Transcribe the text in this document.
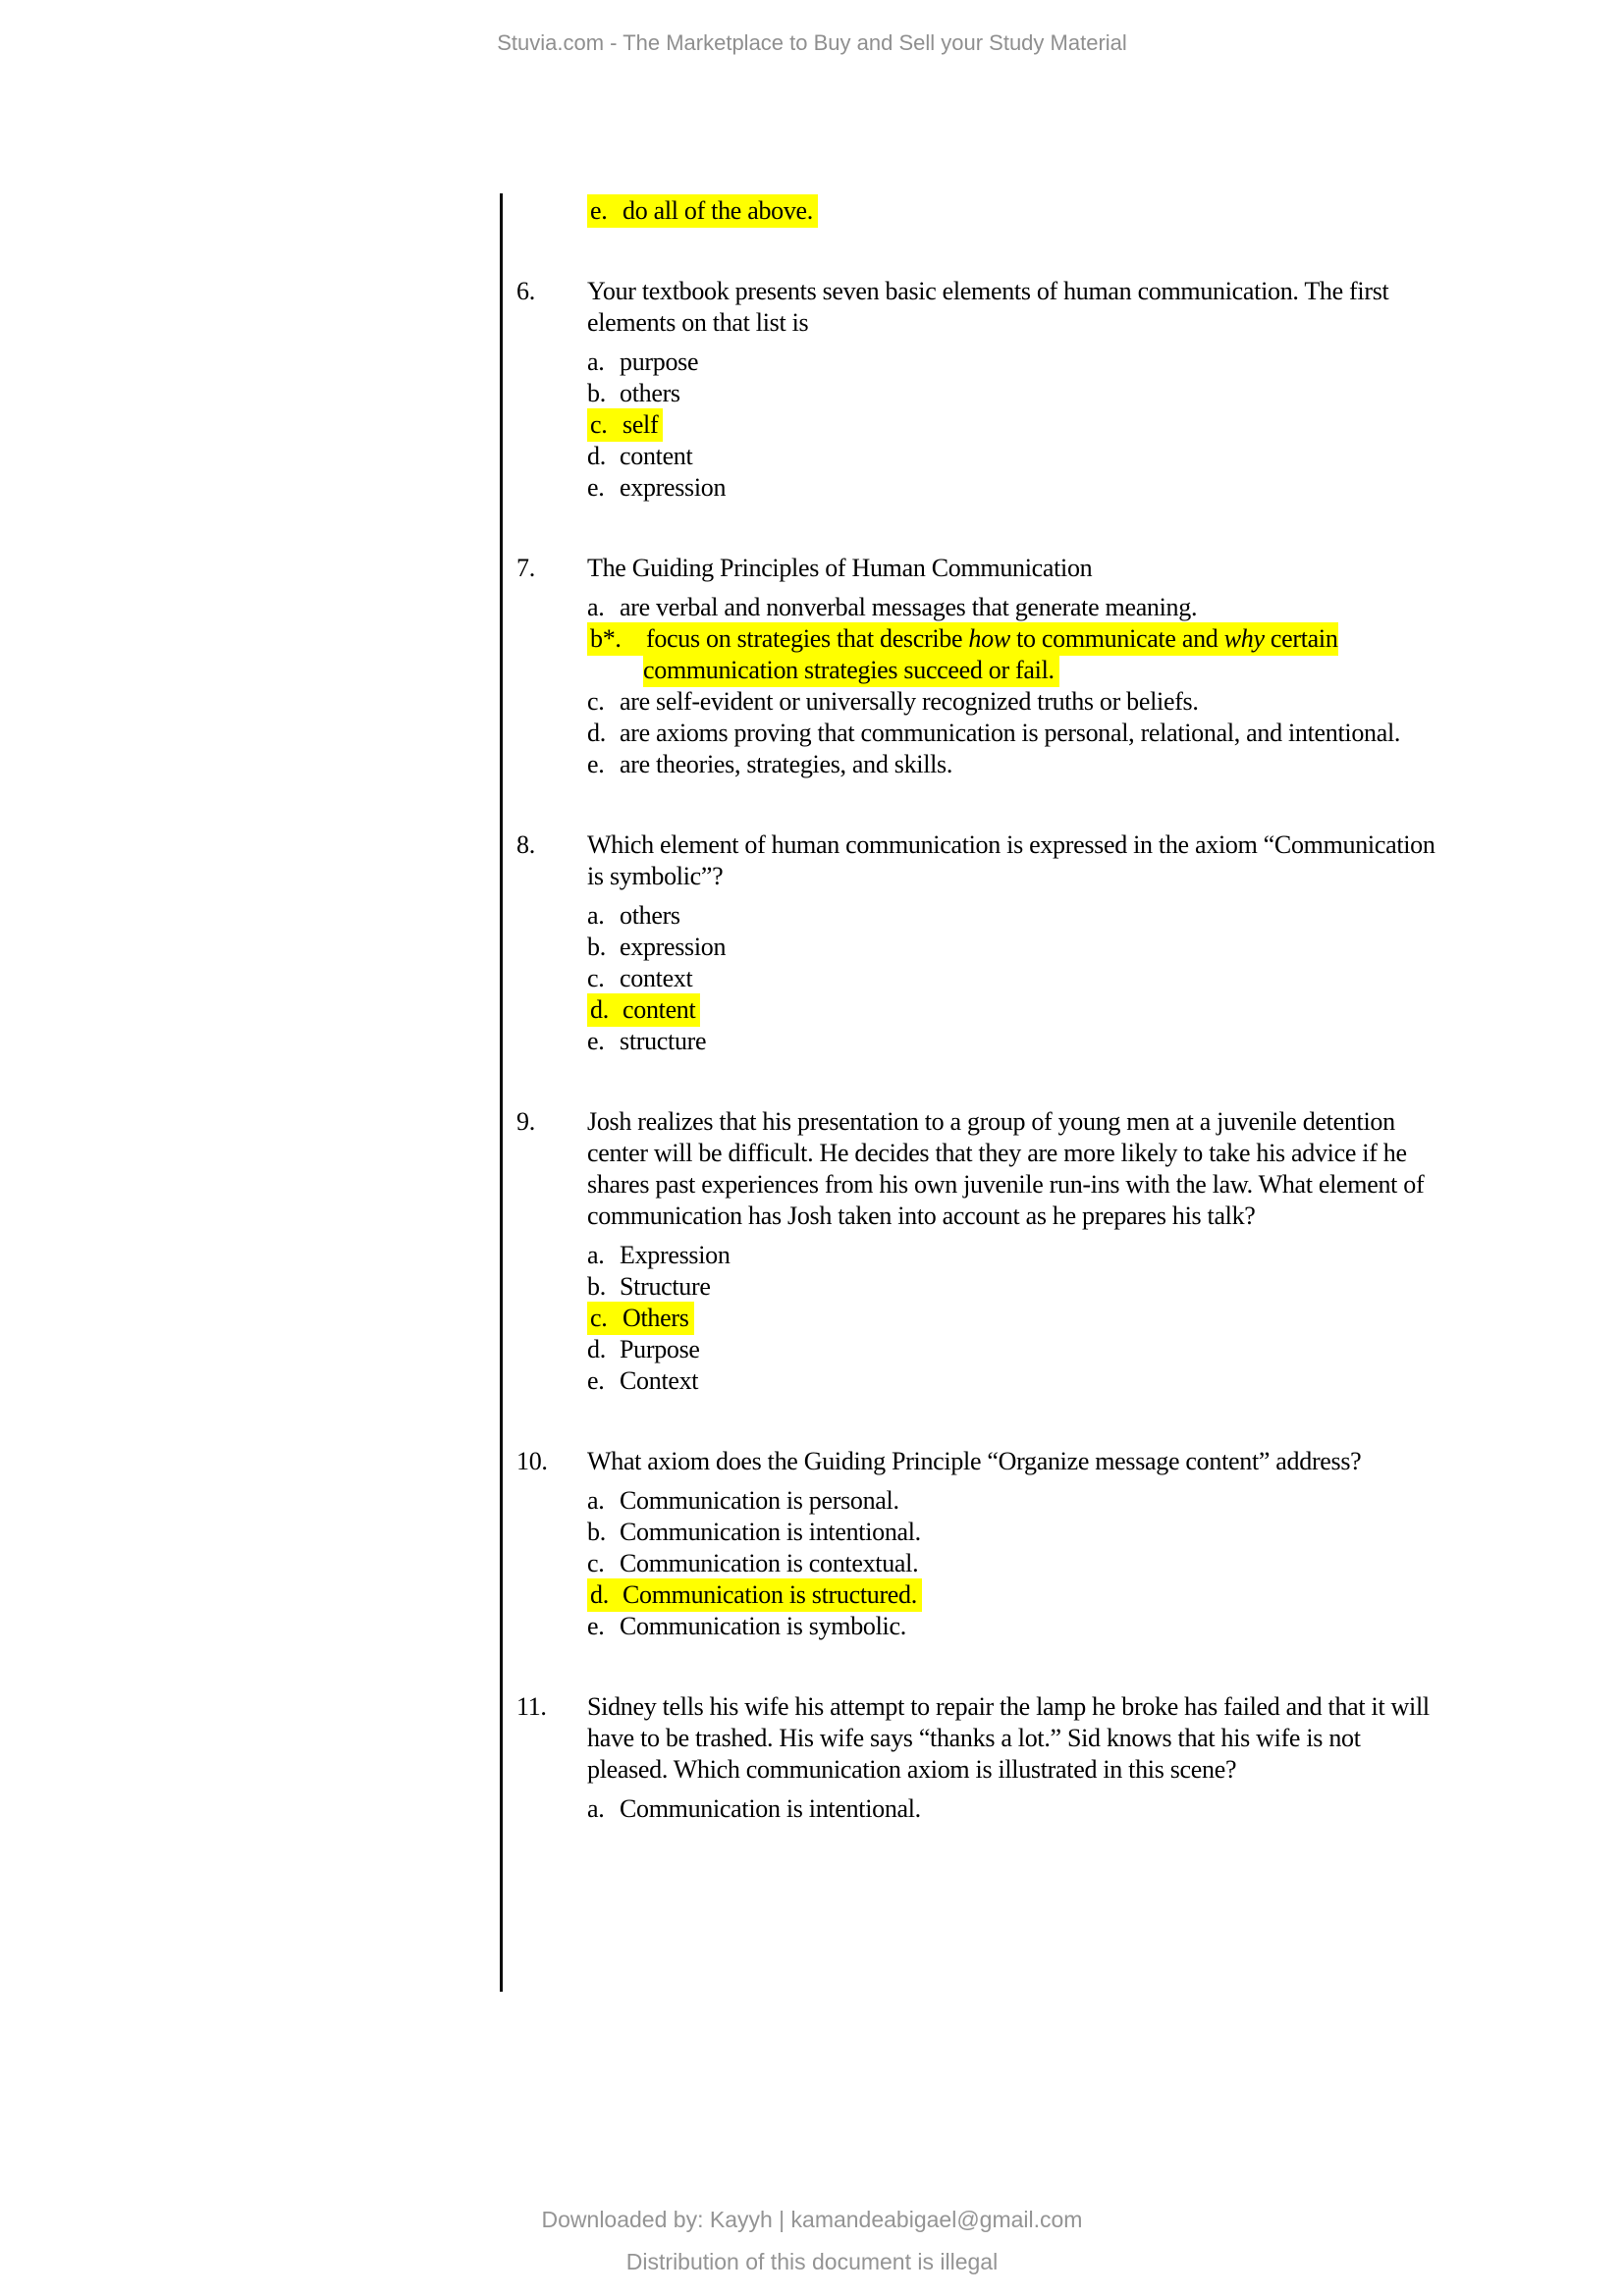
Stuvia.com - The Marketplace to Buy and Sell your Study Material
e. do all of the above.
6.	Your textbook presents seven basic elements of human communication. The first elements on that list is
a. purpose
b. others
c. self
d. content
e. expression
7.	The Guiding Principles of Human Communication
a. are verbal and nonverbal messages that generate meaning.
b*. focus on strategies that describe how to communicate and why certain communication strategies succeed or fail.
c. are self-evident or universally recognized truths or beliefs.
d. are axioms proving that communication is personal, relational, and intentional.
e. are theories, strategies, and skills.
8.	Which element of human communication is expressed in the axiom “Communication is symbolic”?
a. others
b. expression
c. context
d. content
e. structure
9.	Josh realizes that his presentation to a group of young men at a juvenile detention center will be difficult. He decides that they are more likely to take his advice if he shares past experiences from his own juvenile run-ins with the law. What element of communication has Josh taken into account as he prepares his talk?
a. Expression
b. Structure
c. Others
d. Purpose
e. Context
10.	What axiom does the Guiding Principle “Organize message content” address?
a. Communication is personal.
b. Communication is intentional.
c. Communication is contextual.
d. Communication is structured.
e. Communication is symbolic.
11.	Sidney tells his wife his attempt to repair the lamp he broke has failed and that it will have to be trashed. His wife says “thanks a lot.” Sid knows that his wife is not pleased. Which communication axiom is illustrated in this scene?
a. Communication is intentional.
Downloaded by: Kayyh | kamandeabigael@gmail.com
Distribution of this document is illegal
